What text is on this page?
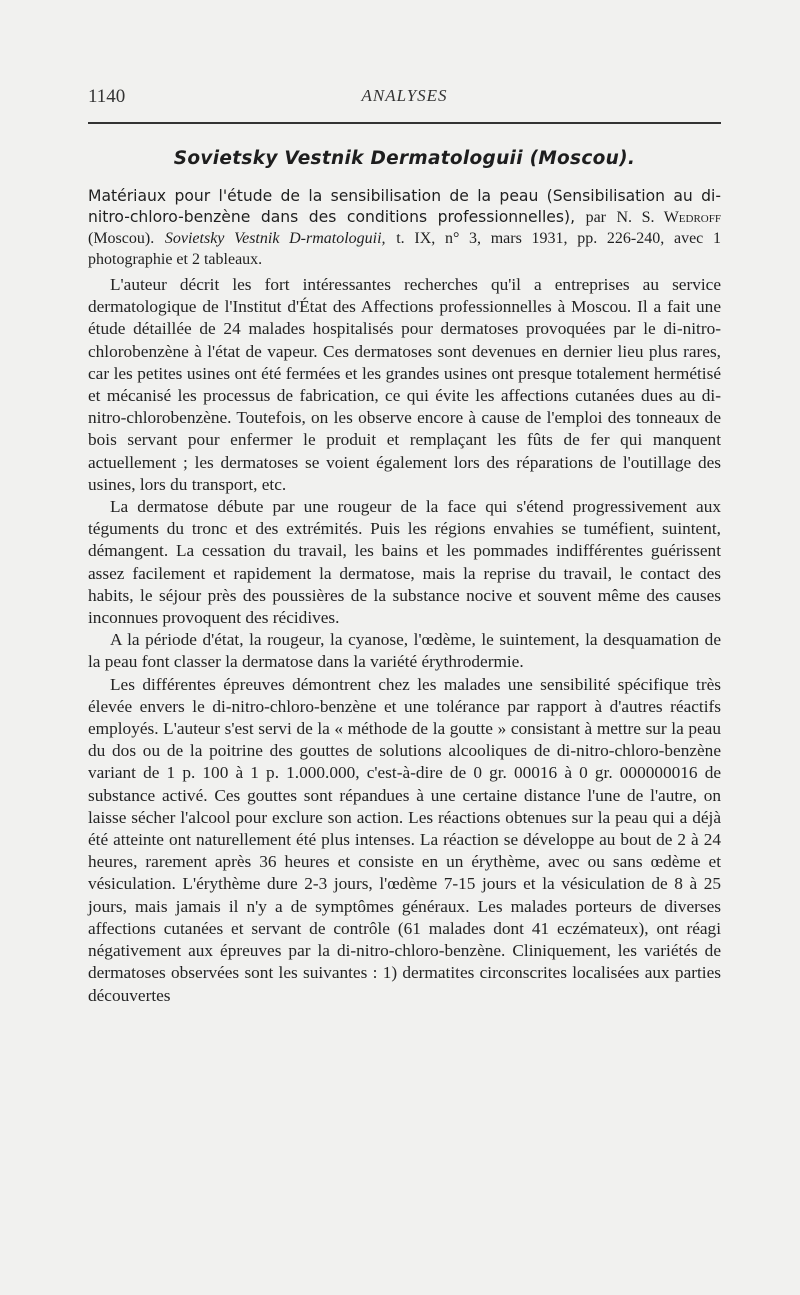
1140	ANALYSES
Sovietsky Vestnik Dermatologuii (Moscou).

Matériaux pour l'étude de la sensibilisation de la peau (Sensibilisation au di-nitro-chloro-benzène dans des conditions professionnelles), par N. S. Wedroff (Moscou). Sovietsky Vestnik D-rmatologuii, t. IX, n° 3, mars 1931, pp. 226-240, avec 1 photographie et 2 tableaux.

L'auteur décrit les fort intéressantes recherches qu'il a entreprises au service dermatologique de l'Institut d'État des Affections professionnelles à Moscou. Il a fait une étude détaillée de 24 malades hospitalisés pour dermatoses provoquées par le di-nitro-chlorobenzène à l'état de vapeur. Ces dermatoses sont devenues en dernier lieu plus rares, car les petites usines ont été fermées et les grandes usines ont presque totalement hermétisé et mécanisé les processus de fabrication, ce qui évite les affections cutanées dues au di-nitro-chlorobenzène. Toutefois, on les observe encore à cause de l'emploi des tonneaux de bois servant pour enfermer le produit et remplaçant les fûts de fer qui manquent actuellement ; les dermatoses se voient également lors des réparations de l'outillage des usines, lors du transport, etc.

La dermatose débute par une rougeur de la face qui s'étend progressivement aux téguments du tronc et des extrémités. Puis les régions envahies se tuméfient, suintent, démangent. La cessation du travail, les bains et les pommades indifférentes guérissent assez facilement et rapidement la dermatose, mais la reprise du travail, le contact des habits, le séjour près des poussières de la substance nocive et souvent même des causes inconnues provoquent des récidives.

A la période d'état, la rougeur, la cyanose, l'œdème, le suintement, la desquamation de la peau font classer la dermatose dans la variété érythrodermie.

Les différentes épreuves démontrent chez les malades une sensibilité spécifique très élevée envers le di-nitro-chloro-benzène et une tolérance par rapport à d'autres réactifs employés. L'auteur s'est servi de la « méthode de la goutte » consistant à mettre sur la peau du dos ou de la poitrine des gouttes de solutions alcooliques de di-nitro-chloro-benzène variant de 1 p. 100 à 1 p. 1.000.000, c'est-à-dire de 0 gr. 00016 à 0 gr. 000000016 de substance activé. Ces gouttes sont répandues à une certaine distance l'une de l'autre, on laisse sécher l'alcool pour exclure son action. Les réactions obtenues sur la peau qui a déjà été atteinte ont naturellement été plus intenses. La réaction se développe au bout de 2 à 24 heures, rarement après 36 heures et consiste en un érythème, avec ou sans œdème et vésiculation. L'érythème dure 2-3 jours, l'œdème 7-15 jours et la vésiculation de 8 à 25 jours, mais jamais il n'y a de symptômes généraux. Les malades porteurs de diverses affections cutanées et servant de contrôle (61 malades dont 41 eczémateux), ont réagi négativement aux épreuves par la di-nitro-chloro-benzène. Cliniquement, les variétés de dermatoses observées sont les suivantes : 1) dermatites circonscrites localisées aux parties découvertes
